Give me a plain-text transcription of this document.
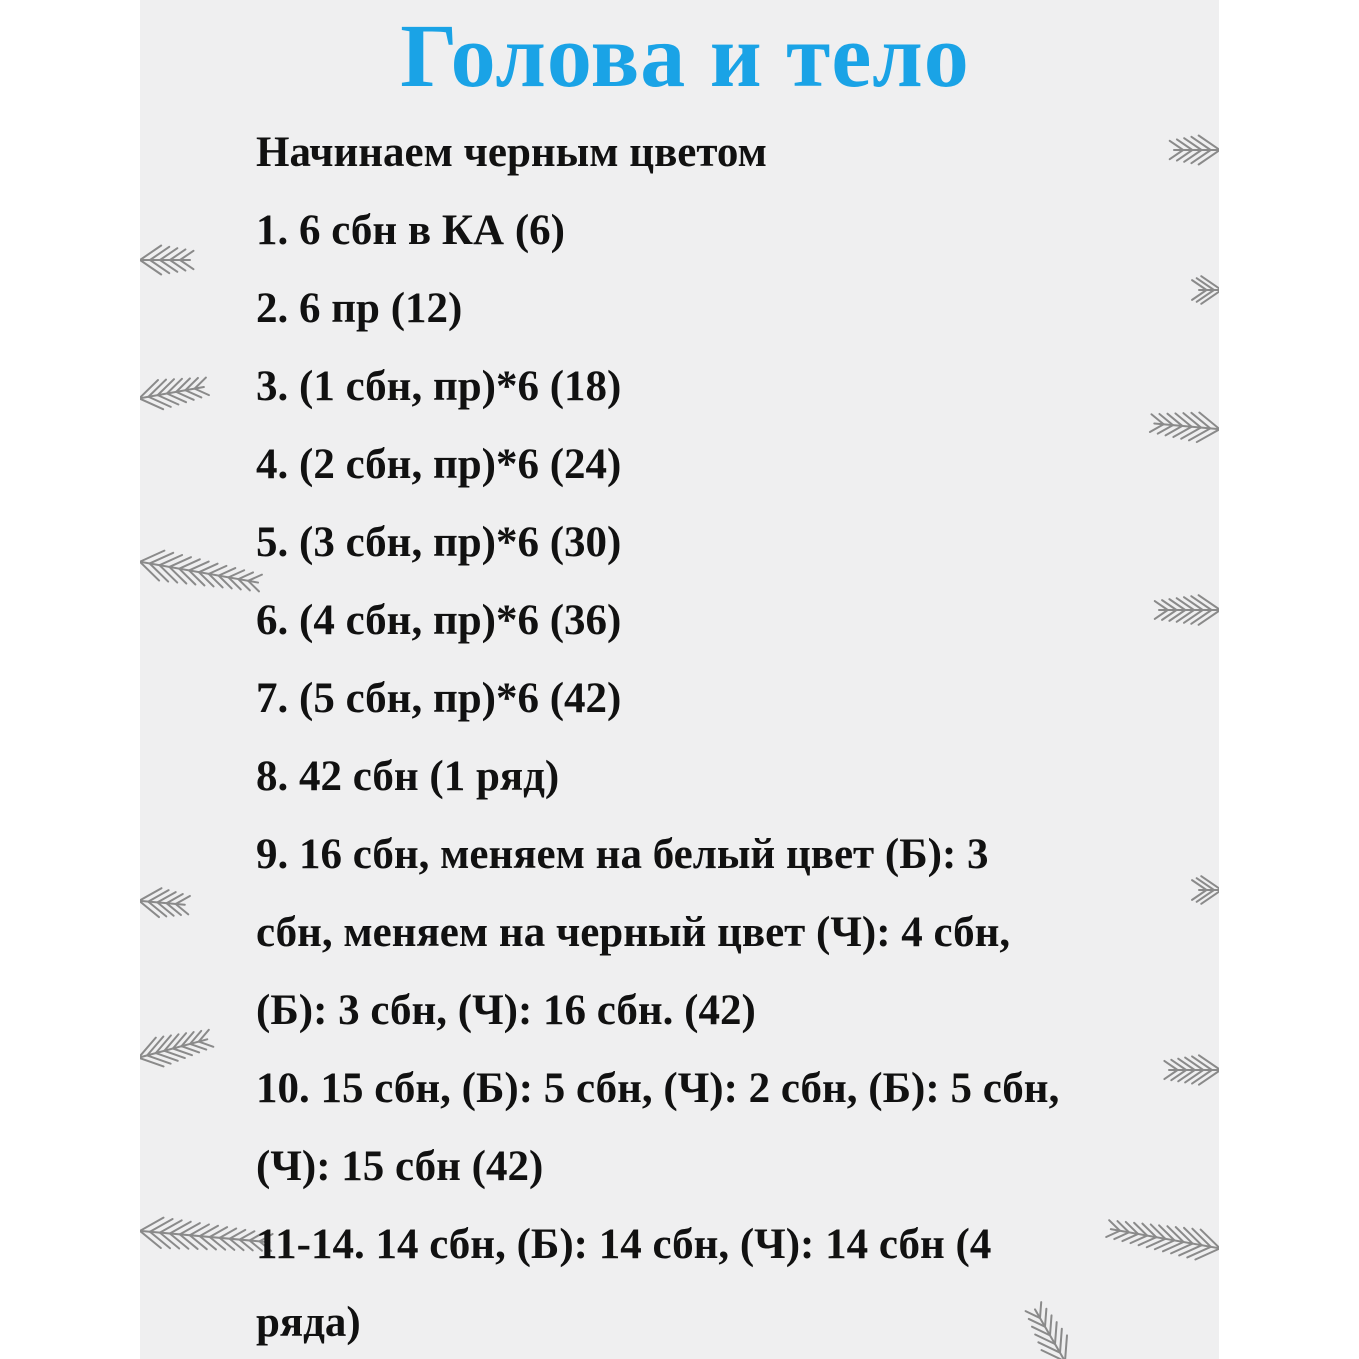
Голова и тело
Начинаем черным цветом
1. 6 сбн в КА (6)
2. 6 пр (12)
3. (1 сбн, пр)*6 (18)
4. (2 сбн, пр)*6 (24)
5. (3 сбн, пр)*6 (30)
6. (4 сбн, пр)*6 (36)
7. (5 сбн, пр)*6 (42)
8. 42 сбн (1 ряд)
9. 16 сбн, меняем на белый цвет (Б): 3
сбн, меняем на черный цвет (Ч): 4 сбн,
(Б): 3 сбн, (Ч): 16 сбн. (42)
10. 15 сбн, (Б): 5 сбн, (Ч): 2 сбн, (Б): 5 сбн,
(Ч): 15 сбн (42)
11-14. 14 сбн, (Б): 14 сбн, (Ч): 14 сбн (4
ряда)
